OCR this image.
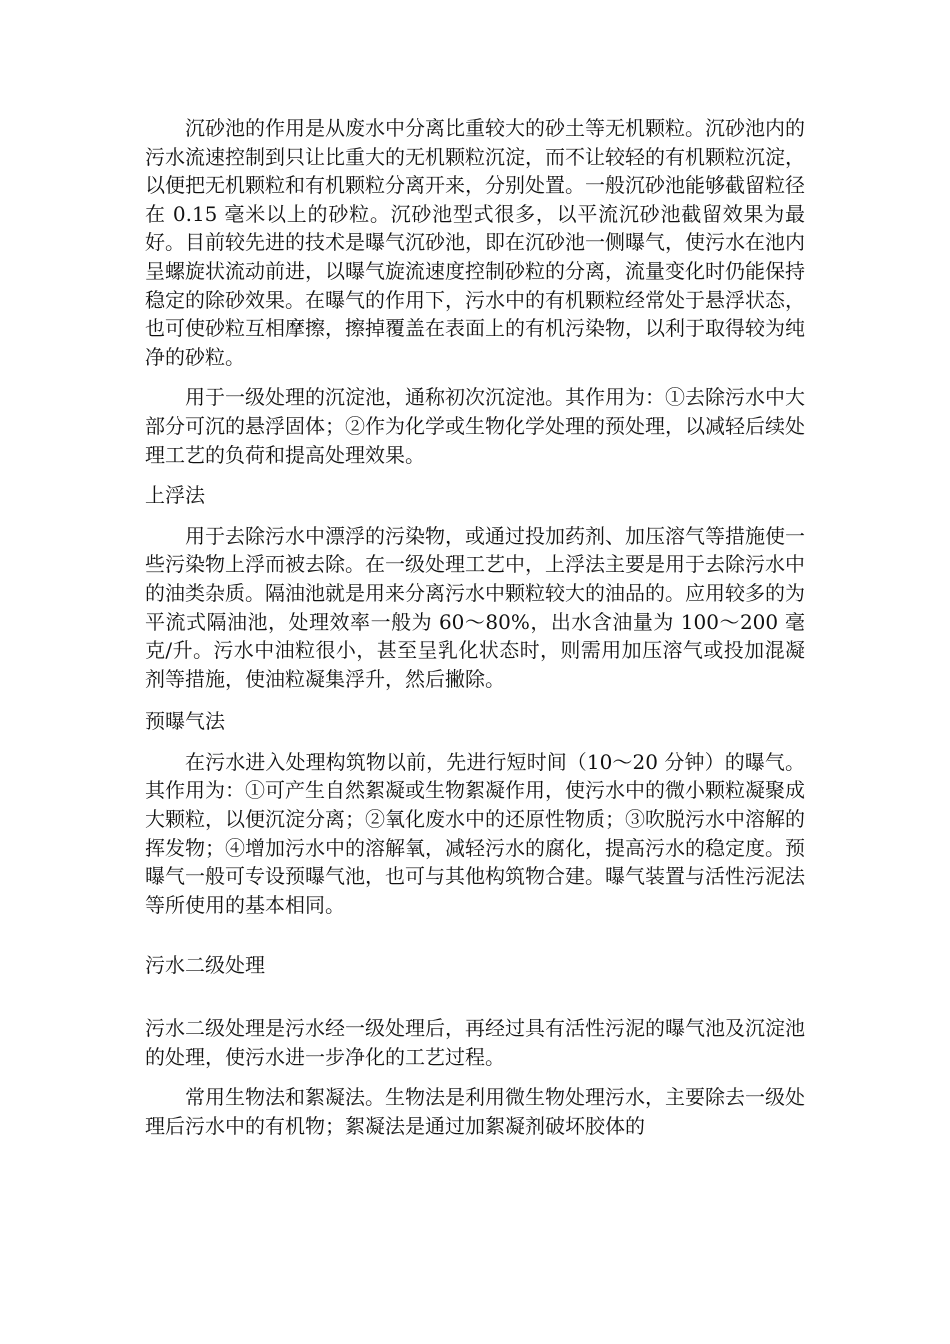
沉砂池的作用是从废水中分离比重较大的砂土等无机颗粒。沉砂池内的污水流速控制到只让比重大的无机颗粒沉淀，而不让较轻的有机颗粒沉淀，以便把无机颗粒和有机颗粒分离开来，分别处置。一般沉砂池能够截留粒径在 0.15 毫米以上的砂粒。沉砂池型式很多，以平流沉砂池截留效果为最好。目前较先进的技术是曝气沉砂池，即在沉砂池一侧曝气，使污水在池内呈螺旋状流动前进，以曝气旋流速度控制砂粒的分离，流量变化时仍能保持稳定的除砂效果。在曝气的作用下，污水中的有机颗粒经常处于悬浮状态，也可使砂粒互相摩擦，擦掉覆盖在表面上的有机污染物，以利于取得较为纯净的砂粒。

用于一级处理的沉淀池，通称初次沉淀池。其作用为：①去除污水中大部分可沉的悬浮固体；②作为化学或生物化学处理的预处理，以减轻后续处理工艺的负荷和提高处理效果。

上浮法

用于去除污水中漂浮的污染物，或通过投加药剂、加压溶气等措施使一些污染物上浮而被去除。在一级处理工艺中，上浮法主要是用于去除污水中的油类杂质。隔油池就是用来分离污水中颗粒较大的油品的。应用较多的为平流式隔油池，处理效率一般为 60～80%，出水含油量为 100～200 毫克/升。污水中油粒很小，甚至呈乳化状态时，则需用加压溶气或投加混凝剂等措施，使油粒凝集浮升，然后撇除。

预曝气法

在污水进入处理构筑物以前，先进行短时间（10～20 分钟）的曝气。其作用为：①可产生自然絮凝或生物絮凝作用，使污水中的微小颗粒凝聚成大颗粒，以便沉淀分离；②氧化废水中的还原性物质；③吹脱污水中溶解的挥发物；④增加污水中的溶解氧，减轻污水的腐化，提高污水的稳定度。预曝气一般可专设预曝气池，也可与其他构筑物合建。曝气装置与活性污泥法等所使用的基本相同。

污水二级处理

污水二级处理是污水经一级处理后，再经过具有活性污泥的曝气池及沉淀池的处理，使污水进一步净化的工艺过程。

常用生物法和絮凝法。生物法是利用微生物处理污水，主要除去一级处理后污水中的有机物；絮凝法是通过加絮凝剂破坏胶体的
